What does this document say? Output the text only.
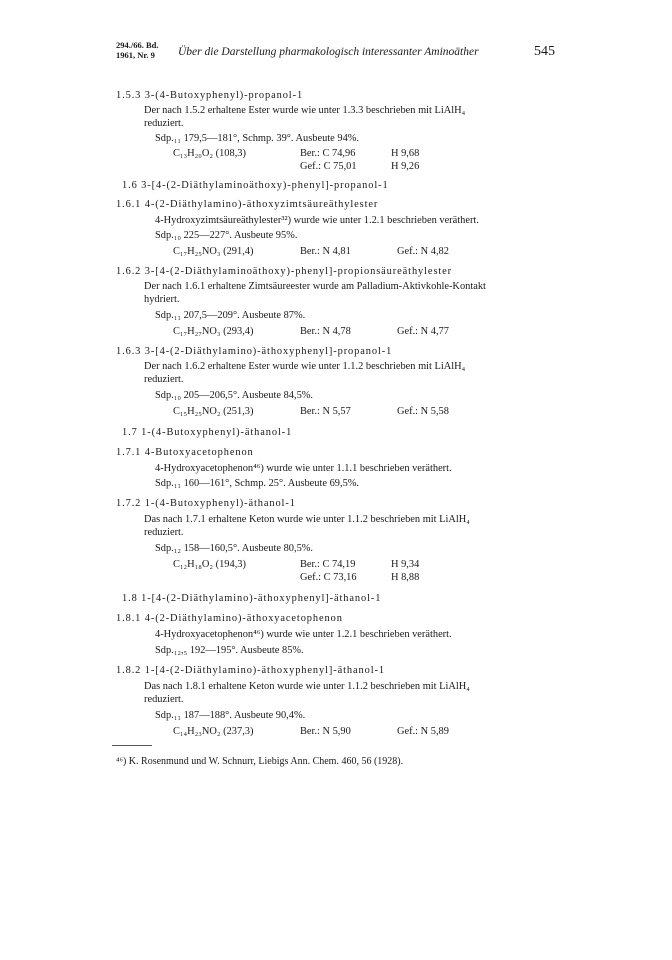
294./66. Bd.
1961, Nr. 9	Über die Darstellung pharmakologisch interessanter Aminoäther	545
1.5.3 3-(4-Butoxyphenyl)-propanol-1
Der nach 1.5.2 erhaltene Ester wurde wie unter 1.3.3 beschrieben mit LiAlH₄
reduziert.
Sdp.₁₁ 179,5—181°, Schmp. 39°. Ausbeute 94%.
C₁₃H₂₀O₂ (108,3)	Ber.: C 74,96	H 9,68
Gef.: C 75,01	H 9,26
1.6 3-[4-(2-Diäthylaminoäthoxy)-phenyl]-propanol-1
1.6.1 4-(2-Diäthylamino)-äthoxyzimtsäureäthylester
4-Hydroxyzimtsäureäthylester³²) wurde wie unter 1.2.1 beschrieben veräthert.
Sdp.₁₀ 225—227°. Ausbeute 95%.
C₁₇H₂₅NO₃ (291,4)	Ber.: N 4,81	Gef.: N 4,82
1.6.2 3-[4-(2-Diäthylaminoäthoxy)-phenyl]-propionsäureäthylester
Der nach 1.6.1 erhaltene Zimtsäureester wurde am Palladium-Aktivkohle-Kontakt
hydriert.
Sdp.₁₁ 207,5—209°. Ausbeute 87%.
C₁₇H₂₇NO₃ (293,4)	Ber.: N 4,78	Gef.: N 4,77
1.6.3 3-[4-(2-Diäthylamino)-äthoxyphenyl]-propanol-1
Der nach 1.6.2 erhaltene Ester wurde wie unter 1.1.2 beschrieben mit LiAlH₄
reduziert.
Sdp.₁₀ 205—206,5°. Ausbeute 84,5%.
C₁₅H₂₅NO₂ (251,3)	Ber.: N 5,57	Gef.: N 5,58
1.7 1-(4-Butoxyphenyl)-äthanol-1
1.7.1 4-Butoxyacetophenon
4-Hydroxyacetophenon⁴⁶) wurde wie unter 1.1.1 beschrieben veräthert.
Sdp.₁₁ 160—161°, Schmp. 25°. Ausbeute 69,5%.
1.7.2 1-(4-Butoxyphenyl)-äthanol-1
Das nach 1.7.1 erhaltene Keton wurde wie unter 1.1.2 beschrieben mit LiAlH₄
reduziert.
Sdp.₁₂ 158—160,5°. Ausbeute 80,5%.
C₁₂H₁₈O₂ (194,3)	Ber.: C 74,19	H 9,34
Gef.: C 73,16	H 8,88
1.8 1-[4-(2-Diäthylamino)-äthoxyphenyl]-äthanol-1
1.8.1 4-(2-Diäthylamino)-äthoxyacetophenon
4-Hydroxyacetophenon⁴⁶) wurde wie unter 1.2.1 beschrieben veräthert.
Sdp.₁₂,₅ 192—195°. Ausbeute 85%.
1.8.2 1-[4-(2-Diäthylamino)-äthoxyphenyl]-äthanol-1
Das nach 1.8.1 erhaltene Keton wurde wie unter 1.1.2 beschrieben mit LiAlH₄
reduziert.
Sdp.₁₁ 187—188°. Ausbeute 90,4%.
C₁₄H₂₃NO₂ (237,3)	Ber.: N 5,90	Gef.: N 5,89
⁴⁶) K. Rosenmund und W. Schnurr, Liebigs Ann. Chem. 460, 56 (1928).
